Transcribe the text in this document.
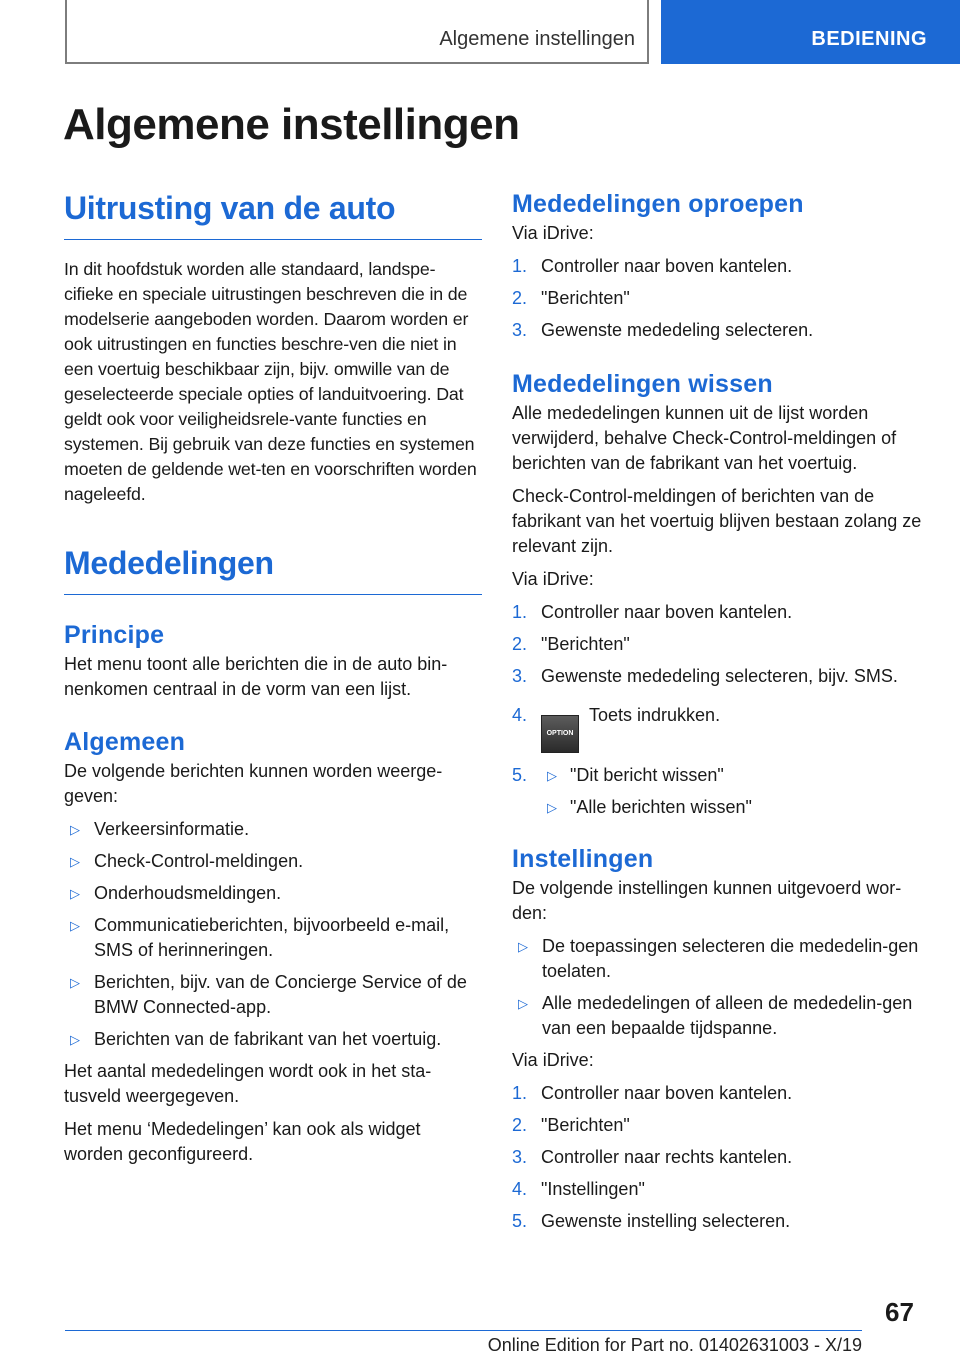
Algemene instellingen	BEDIENING
Algemene instellingen
Uitrusting van de auto

In dit hoofdstuk worden alle standaard, landspe-cifieke en speciale uitrustingen beschreven die in de modelserie aangeboden worden. Daarom worden er ook uitrustingen en functies beschre-ven die niet in een voertuig beschikbaar zijn, bijv. omwille van de geselecteerde speciale opties of landuitvoering. Dat geldt ook voor veiligheidsrele-vante functies en systemen. Bij gebruik van deze functies en systemen moeten de geldende wet-ten en voorschriften worden nageleefd.

Mededelingen
Principe

Het menu toont alle berichten die in de auto bin-nenkomen centraal in de vorm van een lijst.

Algemeen

De volgende berichten kunnen worden weerge-geven:

▷ Verkeersinformatie.
▷ Check-Control-meldingen.
▷ Onderhoudsmeldingen.
▷ Communicatieberichten, bijvoorbeeld e-mail, SMS of herinneringen.
▷ Berichten, bijv. van de Concierge Service of de BMW Connected-app.
▷ Berichten van de fabrikant van het voertuig.

Het aantal mededelingen wordt ook in het sta-tusveld weergegeven.

Het menu ‘Mededelingen’ kan ook als widget worden geconfigureerd.

Mededelingen oproepen

Via iDrive:

1. Controller naar boven kantelen.
2. "Berichten"
3. Gewenste mededeling selecteren.
Mededelingen wissen

Alle mededelingen kunnen uit de lijst worden verwijderd, behalve Check-Control-meldingen of berichten van de fabrikant van het voertuig.

Check-Control-meldingen of berichten van de fabrikant van het voertuig blijven bestaan zolang ze relevant zijn.

Via iDrive:

1. Controller naar boven kantelen.
2. "Berichten"
3. Gewenste mededeling selecteren, bijv. SMS.
4.
OPTIONToets indrukken.
5.	▷ "Dit bericht wissen"
▷ "Alle berichten wissen"
Instellingen

De volgende instellingen kunnen uitgevoerd wor-den:

▷ De toepassingen selecteren die mededelin-gen toelaten.
▷ Alle mededelingen of alleen de mededelin-gen van een bepaalde tijdspanne.

Via iDrive:

1. Controller naar boven kantelen.
2. "Berichten"
3. Controller naar rechts kantelen.
4. "Instellingen"
5. Gewenste instelling selecteren.

67

Online Edition for Part no. 01402631003 - X/19
